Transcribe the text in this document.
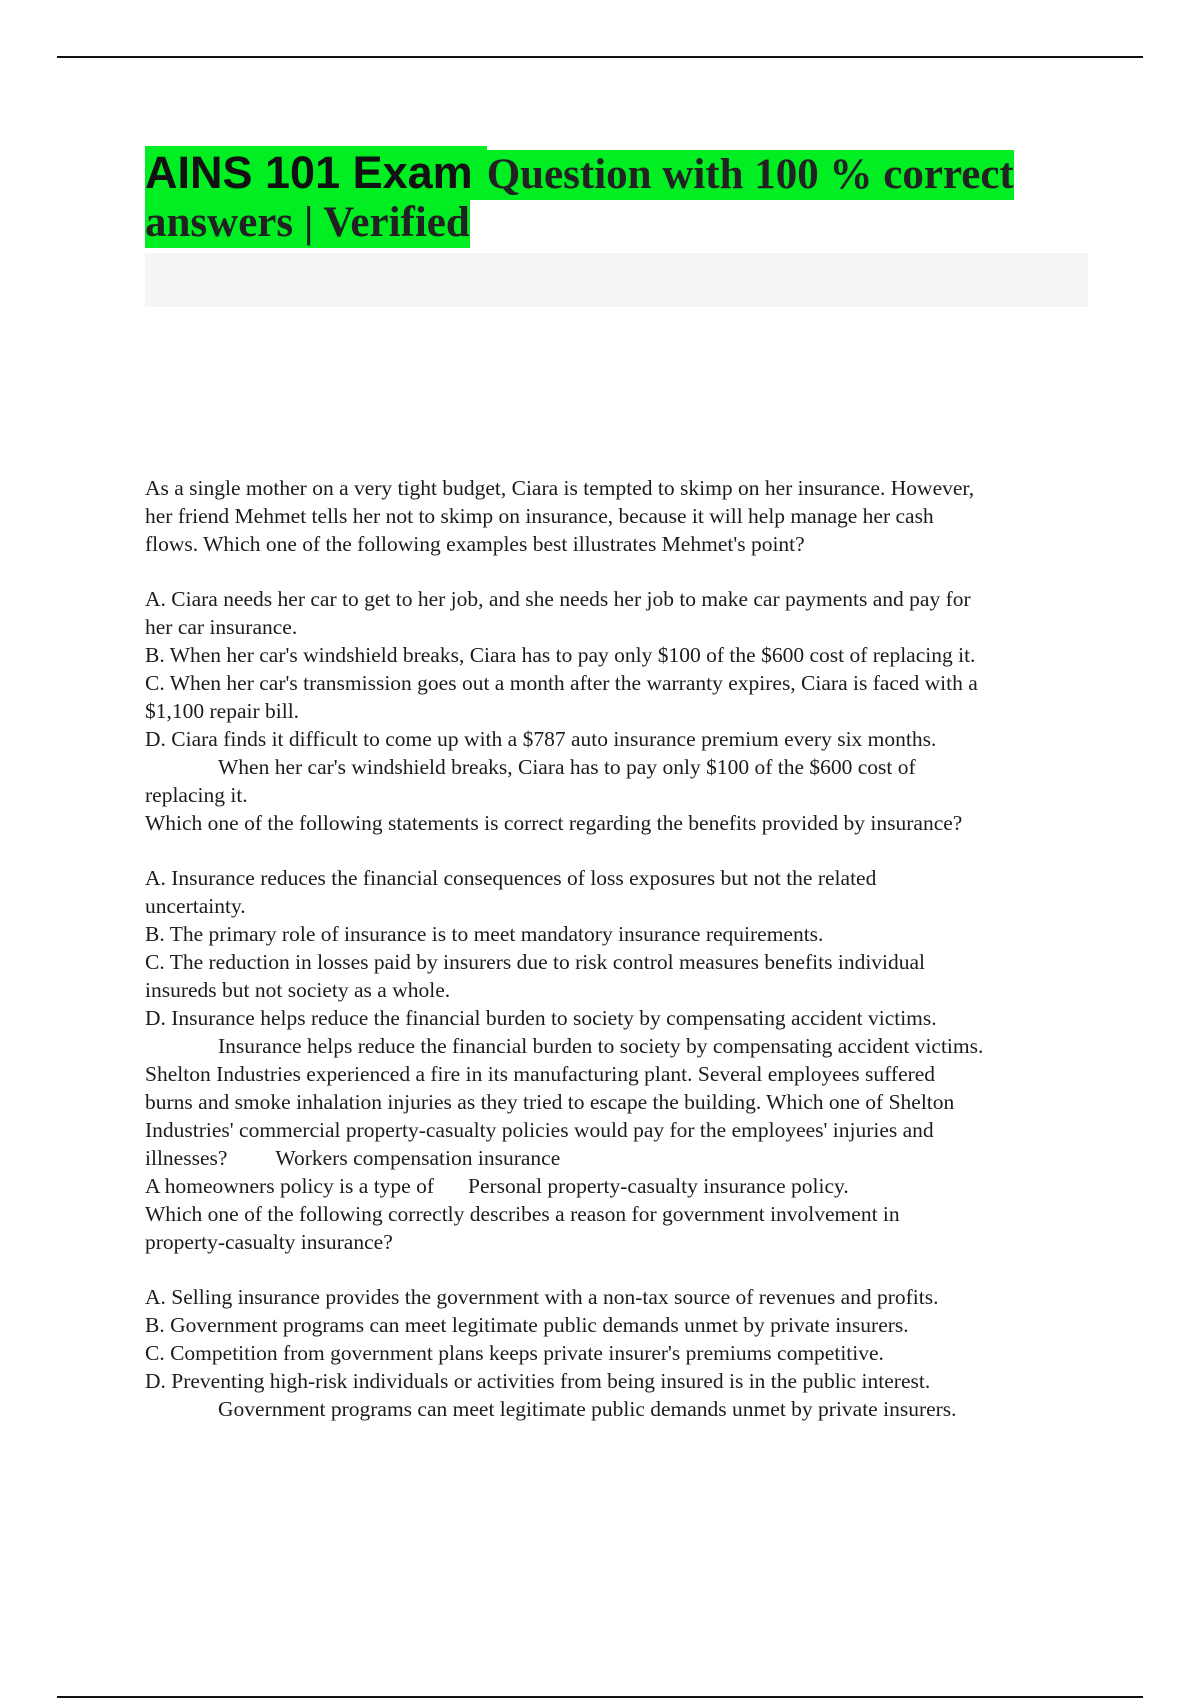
AINS 101 Exam Question with 100 % correct
answers | Verified
As a single mother on a very tight budget, Ciara is tempted to skimp on her insurance. However,
her friend Mehmet tells her not to skimp on insurance, because it will help manage her cash
flows. Which one of the following examples best illustrates Mehmet's point?
A. Ciara needs her car to get to her job, and she needs her job to make car payments and pay for
her car insurance.
B. When her car's windshield breaks, Ciara has to pay only $100 of the $600 cost of replacing it.
C. When her car's transmission goes out a month after the warranty expires, Ciara is faced with a
$1,100 repair bill.
D. Ciara finds it difficult to come up with a $787 auto insurance premium every six months.
When her car's windshield breaks, Ciara has to pay only $100 of the $600 cost of
replacing it.
Which one of the following statements is correct regarding the benefits provided by insurance?
A. Insurance reduces the financial consequences of loss exposures but not the related
uncertainty.
B. The primary role of insurance is to meet mandatory insurance requirements.
C. The reduction in losses paid by insurers due to risk control measures benefits individual
insureds but not society as a whole.
D. Insurance helps reduce the financial burden to society by compensating accident victims.
Insurance helps reduce the financial burden to society by compensating accident victims.
Shelton Industries experienced a fire in its manufacturing plant. Several employees suffered
burns and smoke inhalation injuries as they tried to escape the building. Which one of Shelton
Industries' commercial property-casualty policies would pay for the employees' injuries and
illnesses? Workers compensation insurance
A homeowners policy is a type of Personal property-casualty insurance policy.
Which one of the following correctly describes a reason for government involvement in
property-casualty insurance?
A. Selling insurance provides the government with a non-tax source of revenues and profits.
B. Government programs can meet legitimate public demands unmet by private insurers.
C. Competition from government plans keeps private insurer's premiums competitive.
D. Preventing high-risk individuals or activities from being insured is in the public interest.
Government programs can meet legitimate public demands unmet by private insurers.
